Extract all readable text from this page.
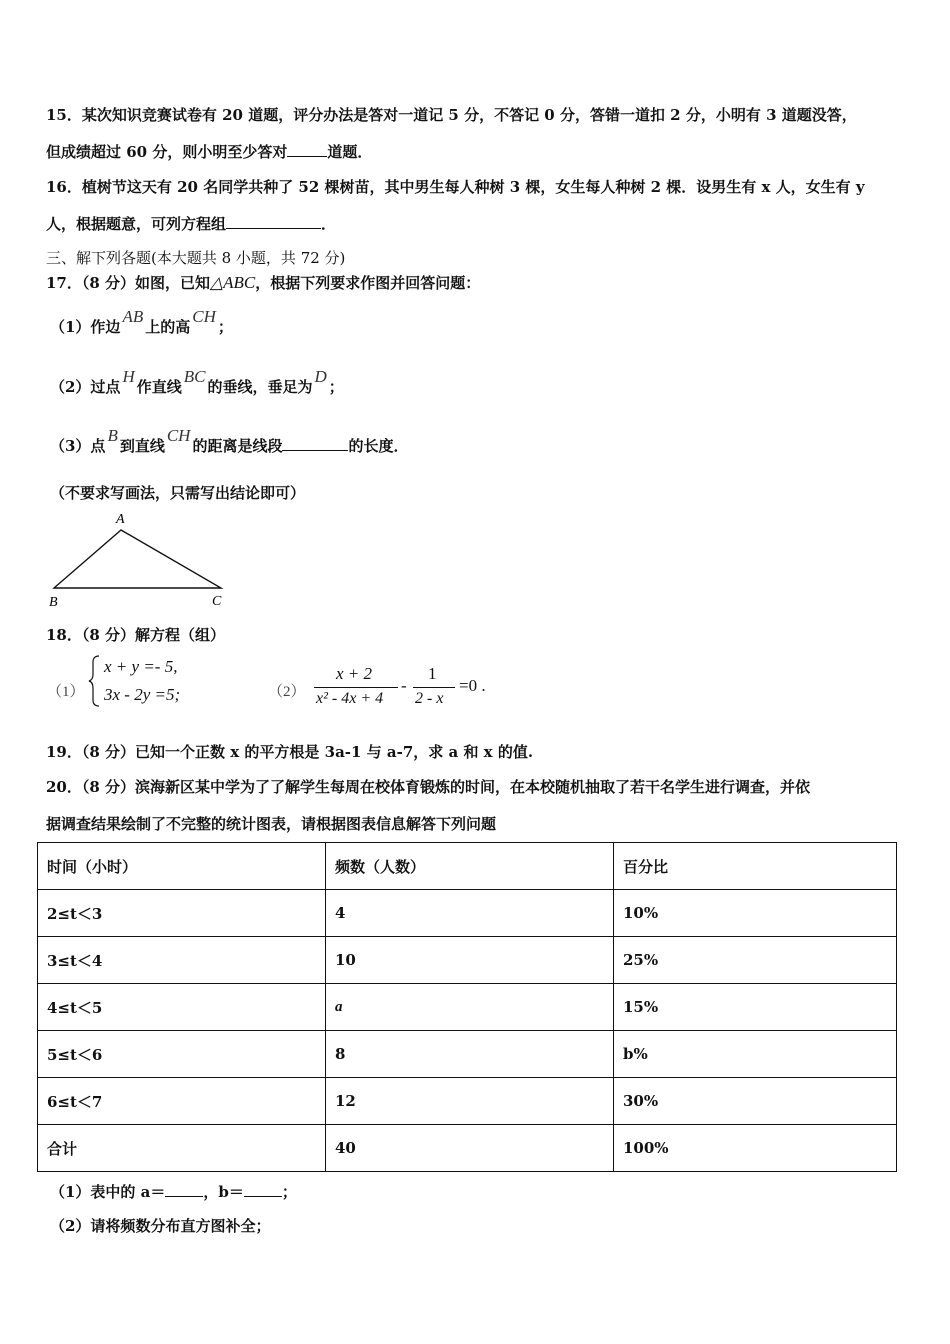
15．某次知识竞赛试卷有 20 道题，评分办法是答对一道记 5 分，不答记 0 分，答错一道扣 2 分，小明有 3 道题没答，
但成绩超过 60 分，则小明至少答对	道题．
16．植树节这天有 20 名同学共种了 52 棵树苗，其中男生每人种树 3 棵，女生每人种树 2 棵．设男生有 x 人，女生有 y
人，根据题意，可列方程组	．
三、解下列各题(本大题共 8 小题，共 72 分)
17．（8 分）如图，已知△ABC，根据下列要求作图并回答问题：
（1）作边AB上的高CH；
（2）过点H作直线BC的垂线，垂足为D；
（3）点B到直线CH的距离是线段	的长度．
（不要求写画法，只需写出结论即可）
A
B	C
18．（8 分）解方程（组）
（1）
x + y =- 5,
3x - 2y =5;	（2）
x + 2
x² - 4x + 4
-
1
2 - x
=0 .
19．（8 分）已知一个正数 x 的平方根是 3a-1 与 a-7，求 a 和 x 的值.
20．（8 分）滨海新区某中学为了了解学生每周在校体育锻炼的时间，在本校随机抽取了若干名学生进行调查，并依
据调查结果绘制了不完整的统计图表，请根据图表信息解答下列问题
时间（小时）	频数（人数）	百分比
2≤t＜3	4	10%
3≤t＜4	10	25%
4≤t＜5	a	15%
5≤t＜6	8	b%
6≤t＜7	12	30%
合计	40	100%
（1）表中的 a＝	，b＝	；
（2）请将频数分布直方图补全；
